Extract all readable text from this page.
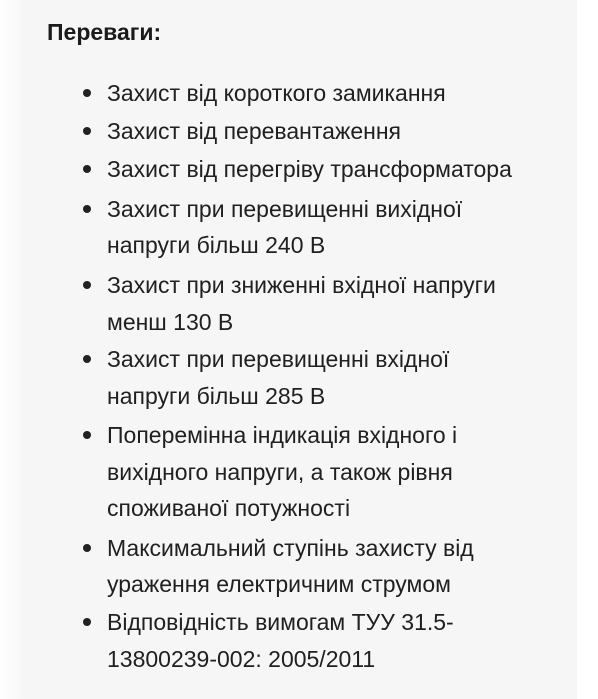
Переваги:
Захист від короткого замикання
Захист від перевантаження
Захист від перегріву трансформатора
Захист при перевищенні вихідної
напруги більш 240 В
Захист при зниженні вхідної напруги
менш 130 В
Захист при перевищенні вхідної
напруги більш 285 В
Поперемінна індикація вхідного і
вихідного напруги, а також рівня
споживаної потужності
Максимальний ступінь захисту від
ураження електричним струмом
Відповідність вимогам ТУУ 31.5-
13800239-002: 2005/2011
